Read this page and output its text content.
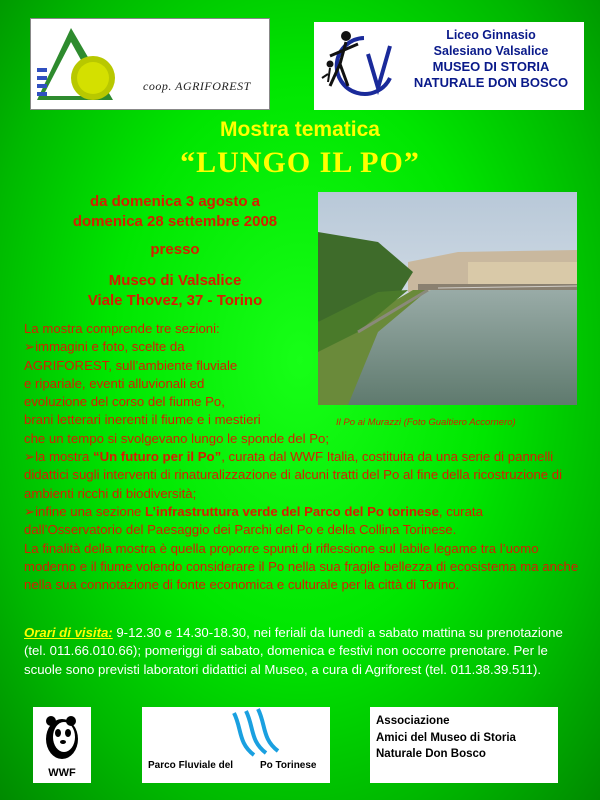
coop. AGRIFOREST
Liceo Ginnasio
Salesiano Valsalice
MUSEO DI STORIA
NATURALE DON BOSCO
Mostra tematica
“LUNGO IL PO”
da domenica 3 agosto a
domenica 28 settembre 2008
presso
Museo di Valsalice
Viale Thovez, 37 - Torino
Il Po ai Murazzi (Foto Gualtiero Accornero)

La mostra comprende tre sezioni:

➢immagini e foto, scelte da
AGRIFOREST, sull’ambiente fluviale
e ripariale, eventi alluvionali ed
evoluzione del corso del fiume Po,
brani letterari inerenti il fiume e i mestieri

che un tempo si svolgevano lungo le sponde del Po;

➢la mostra “Un futuro per il Po”, curata dal WWF Italia, costituita da una serie di pannelli didattici sugli interventi di rinaturalizzazione di alcuni tratti del Po al fine della ricostruzione di ambienti ricchi di biodiversità;

➢infine una sezione L’infrastruttura verde del Parco del Po torinese, curata dall’Osservatorio del Paesaggio dei Parchi del Po e della Collina Torinese.

La finalità della mostra è quella proporre spunti di riflessione sul labile legame tra l’uomo moderno e il fiume volendo considerare il Po nella sua fragile bellezza di ecosistema ma anche nella sua connotazione di fonte economica e culturale per la città di Torino.

Orari di visita: 9-12.30 e 14.30-18.30, nei feriali da lunedì a sabato mattina su prenotazione (tel. 011.66.010.66); pomeriggi di sabato, domenica e festivi non occorre prenotare. Per le scuole sono previsti laboratori didattici al Museo, a cura di Agriforest (tel. 011.38.39.511).

WWF
Parco Fluviale del	Po Torinese
Associazione
Amici del Museo di Storia
Naturale Don Bosco
